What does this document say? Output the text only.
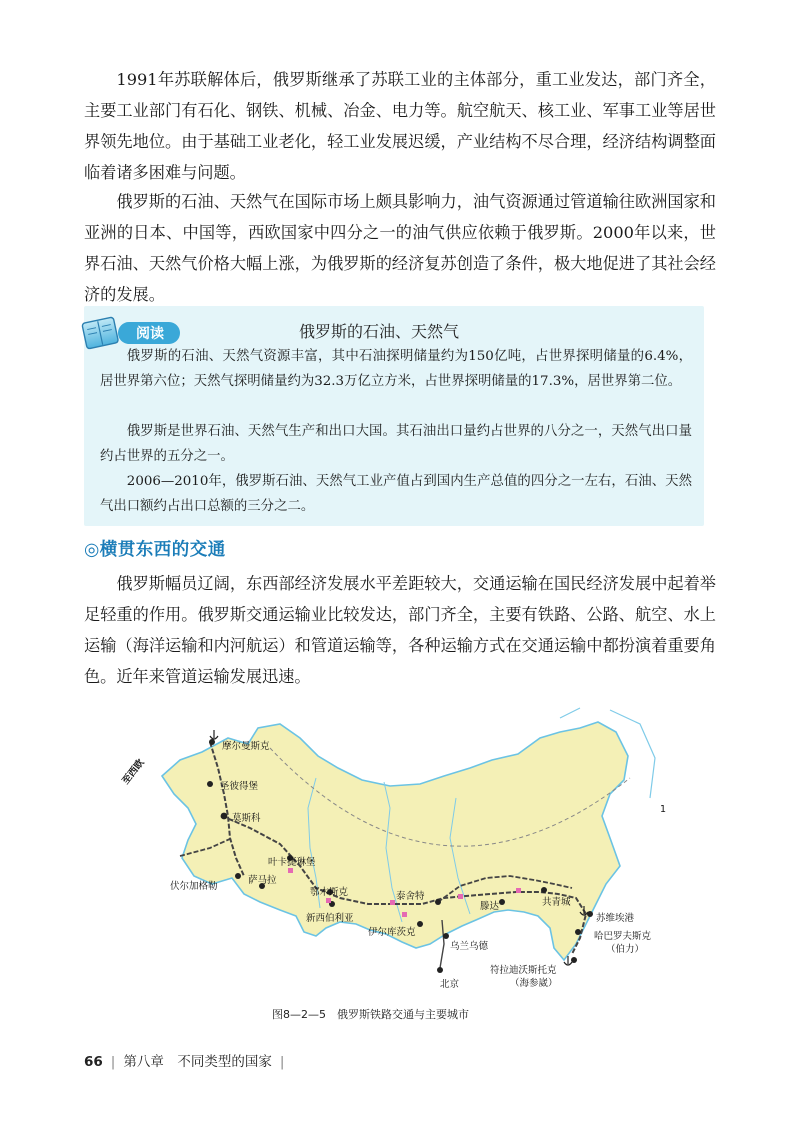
1991年苏联解体后，俄罗斯继承了苏联工业的主体部分，重工业发达，部门齐全，主要工业部门有石化、钢铁、机械、冶金、电力等。航空航天、核工业、军事工业等居世界领先地位。由于基础工业老化，轻工业发展迟缓，产业结构不尽合理，经济结构调整面临着诸多困难与问题。

俄罗斯的石油、天然气在国际市场上颇具影响力，油气资源通过管道输往欧洲国家和亚洲的日本、中国等，西欧国家中四分之一的油气供应依赖于俄罗斯。2000年以来，世界石油、天然气价格大幅上涨，为俄罗斯的经济复苏创造了条件，极大地促进了其社会经济的发展。

阅读	俄罗斯的石油、天然气

俄罗斯的石油、天然气资源丰富，其中石油探明储量约为150亿吨，占世界探明储量的6.4%，居世界第六位；天然气探明储量约为32.3万亿立方米，占世界探明储量的17.3%，居世界第二位。

俄罗斯是世界石油、天然气生产和出口大国。其石油出口量约占世界的八分之一，天然气出口量约占世界的五分之一。

2006—2010年，俄罗斯石油、天然气工业产值占到国内生产总值的四分之一左右，石油、天然气出口额约占出口总额的三分之二。

◎横贯东西的交通

俄罗斯幅员辽阔，东西部经济发展水平差距较大，交通运输在国民经济发展中起着举足轻重的作用。俄罗斯交通运输业比较发达，部门齐全，主要有铁路、公路、航空、水上运输（海洋运输和内河航运）和管道运输等，各种运输方式在交通运输中都扮演着重要角色。近年来管道运输发展迅速。

摩尔曼斯克
圣彼得堡
莫斯科
叶卡捷琳堡
萨马拉
伏尔加格勒
鄂木斯克
新西伯利亚
泰舍特
伊尔库茨克
乌兰乌德
滕达	共青城
苏维埃港
哈巴罗夫斯克
（伯力）
符拉迪沃斯托克
（海参崴）
北京
至西欧
1
图8—2—5　俄罗斯铁路交通与主要城市
66 | 第八章　不同类型的国家 |
